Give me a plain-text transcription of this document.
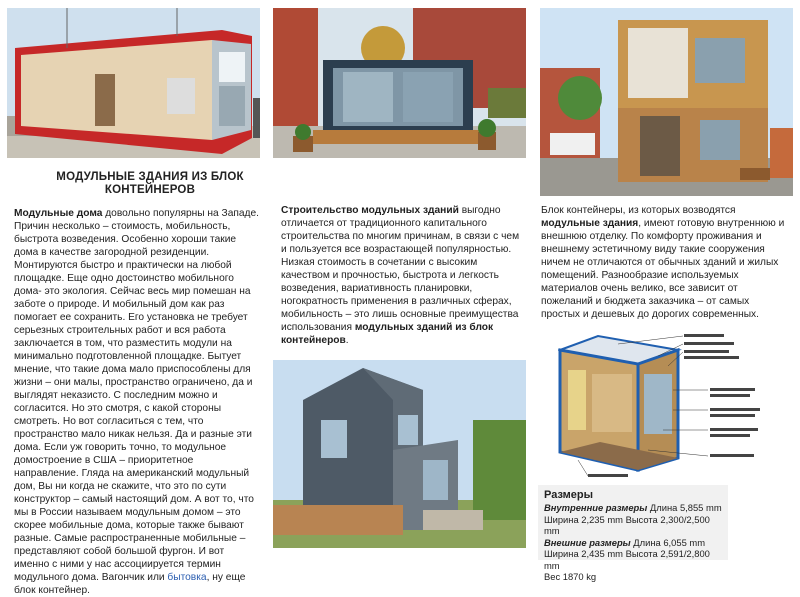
МОДУЛЬНЫЕ ЗДАНИЯ ИЗ БЛОК КОНТЕЙНЕРОВ

Модульные дома довольно популярны на Западе. Причин несколько – стоимость, мобильность, быстрота возведения. Особенно хороши такие дома в качестве загородной резиденции. Монтируются быстро и практически на любой площадке. Еще одно достоинство мобильного дома- это экология. Сейчас весь мир помешан на заботе о природе. И мобильный дом как раз помогает ее сохранить. Его установка не требует серьезных строительных работ и вся работа заключается в том, что разместить модули на минимально подготовленной площадке. Бытует мнение, что такие дома мало приспособлены для жизни – они малы, пространство ограничено, да и выглядят неказисто. С последним можно и согласится. Но это смотря, с какой стороны смотреть. Но вот согласиться с тем, что пространство мало никак нельзя. Да и разные эти дома. Если уж говорить точно, то модульное домостроение в США – приоритетное направление. Гляда на американский модульный дом, Вы ни когда не скажите, что это по сути конструктор – самый настоящий дом. А вот то, что мы в России называем модульным домом – это скорее мобильные дома, которые также бывают разные. Самые распространенные мобильные – представляют собой большой фургон. И вот именно с ними у нас ассоциируется термин модульного дома. Вагончик или бытовка, ну еще блок контейнер.

Строительство модульных зданий выгодно отличается от традиционного капитального строительства по многим причинам, в связи с чем и пользуется все возрастающей популярностью. Низкая стоимость в сочетании с высоким качеством и прочностью, быстрота и легкость возведения, вариативность планировки, ногократность применения в различных сферах, мобильность – это лишь основные преимущества использования модульных зданий из блок контейнеров.

Блок контейнеры, из которых возводятся модульные здания, имеют готовую внутреннюю и внешнюю отделку. По комфорту проживания и внешнему эстетичному виду такие сооружения ничем не отличаются от обычных зданий и жилых помещений. Разнообразие используемых материалов очень велико, все зависит от пожеланий и бюджета заказчика – от самых простых и дешевых до дорогих современных.

Размеры
Внутренние размеры Длина 5,855 mm
Ширина 2,235 mm Высота 2,300/2,500 mm
Внешние размеры Длина 6,055 mm
Ширина 2,435 mm Высота 2,591/2,800 mm
Вес 1870 kg
